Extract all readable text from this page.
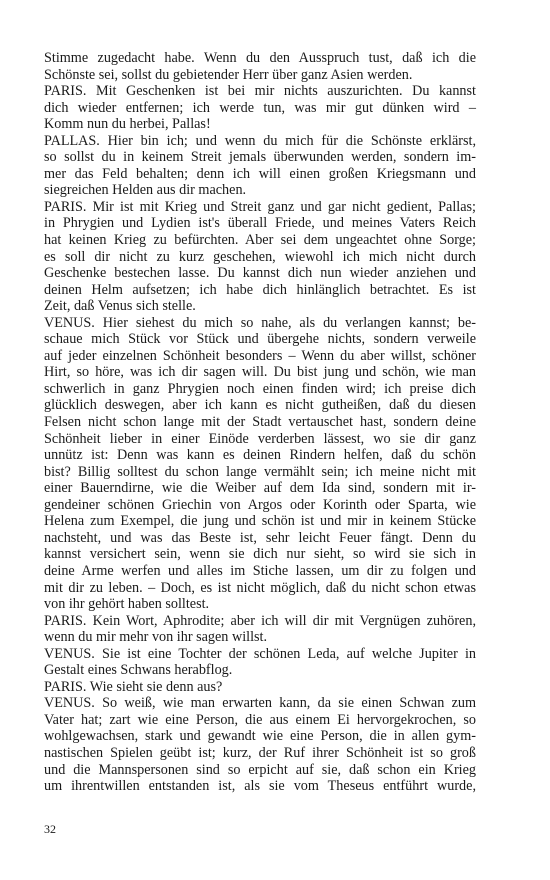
Stimme zugedacht habe. Wenn du den Ausspruch tust, daß ich die
Schönste sei, sollst du gebietender Herr über ganz Asien werden.
PARIS. Mit Geschenken ist bei mir nichts auszurichten. Du kannst
dich wieder entfernen; ich werde tun, was mir gut dünken wird –
Komm nun du herbei, Pallas!
PALLAS. Hier bin ich; und wenn du mich für die Schönste erklärst,
so sollst du in keinem Streit jemals überwunden werden, sondern im-
mer das Feld behalten; denn ich will einen großen Kriegsmann und
siegreichen Helden aus dir machen.
PARIS. Mir ist mit Krieg und Streit ganz und gar nicht gedient, Pallas;
in Phrygien und Lydien ist's überall Friede, und meines Vaters Reich
hat keinen Krieg zu befürchten. Aber sei dem ungeachtet ohne Sorge;
es soll dir nicht zu kurz geschehen, wiewohl ich mich nicht durch
Geschenke bestechen lasse. Du kannst dich nun wieder anziehen und
deinen Helm aufsetzen; ich habe dich hinlänglich betrachtet. Es ist
Zeit, daß Venus sich stelle.
VENUS. Hier siehest du mich so nahe, als du verlangen kannst; be-
schaue mich Stück vor Stück und übergehe nichts, sondern verweile
auf jeder einzelnen Schönheit besonders – Wenn du aber willst, schöner
Hirt, so höre, was ich dir sagen will. Du bist jung und schön, wie man
schwerlich in ganz Phrygien noch einen finden wird; ich preise dich
glücklich deswegen, aber ich kann es nicht gutheißen, daß du diesen
Felsen nicht schon lange mit der Stadt vertauschet hast, sondern deine
Schönheit lieber in einer Einöde verderben lässest, wo sie dir ganz
unnütz ist: Denn was kann es deinen Rindern helfen, daß du schön
bist? Billig solltest du schon lange vermählt sein; ich meine nicht mit
einer Bauerndirne, wie die Weiber auf dem Ida sind, sondern mit ir-
gendeiner schönen Griechin von Argos oder Korinth oder Sparta, wie
Helena zum Exempel, die jung und schön ist und mir in keinem Stücke
nachsteht, und was das Beste ist, sehr leicht Feuer fängt. Denn du
kannst versichert sein, wenn sie dich nur sieht, so wird sie sich in
deine Arme werfen und alles im Stiche lassen, um dir zu folgen und
mit dir zu leben. – Doch, es ist nicht möglich, daß du nicht schon etwas
von ihr gehört haben solltest.
PARIS. Kein Wort, Aphrodite; aber ich will dir mit Vergnügen zuhören,
wenn du mir mehr von ihr sagen willst.
VENUS. Sie ist eine Tochter der schönen Leda, auf welche Jupiter in
Gestalt eines Schwans herabflog.
PARIS. Wie sieht sie denn aus?
VENUS. So weiß, wie man erwarten kann, da sie einen Schwan zum
Vater hat; zart wie eine Person, die aus einem Ei hervorgekrochen, so
wohlgewachsen, stark und gewandt wie eine Person, die in allen gym-
nastischen Spielen geübt ist; kurz, der Ruf ihrer Schönheit ist so groß
und die Mannspersonen sind so erpicht auf sie, daß schon ein Krieg
um ihrentwillen entstanden ist, als sie vom Theseus entführt wurde,
32
